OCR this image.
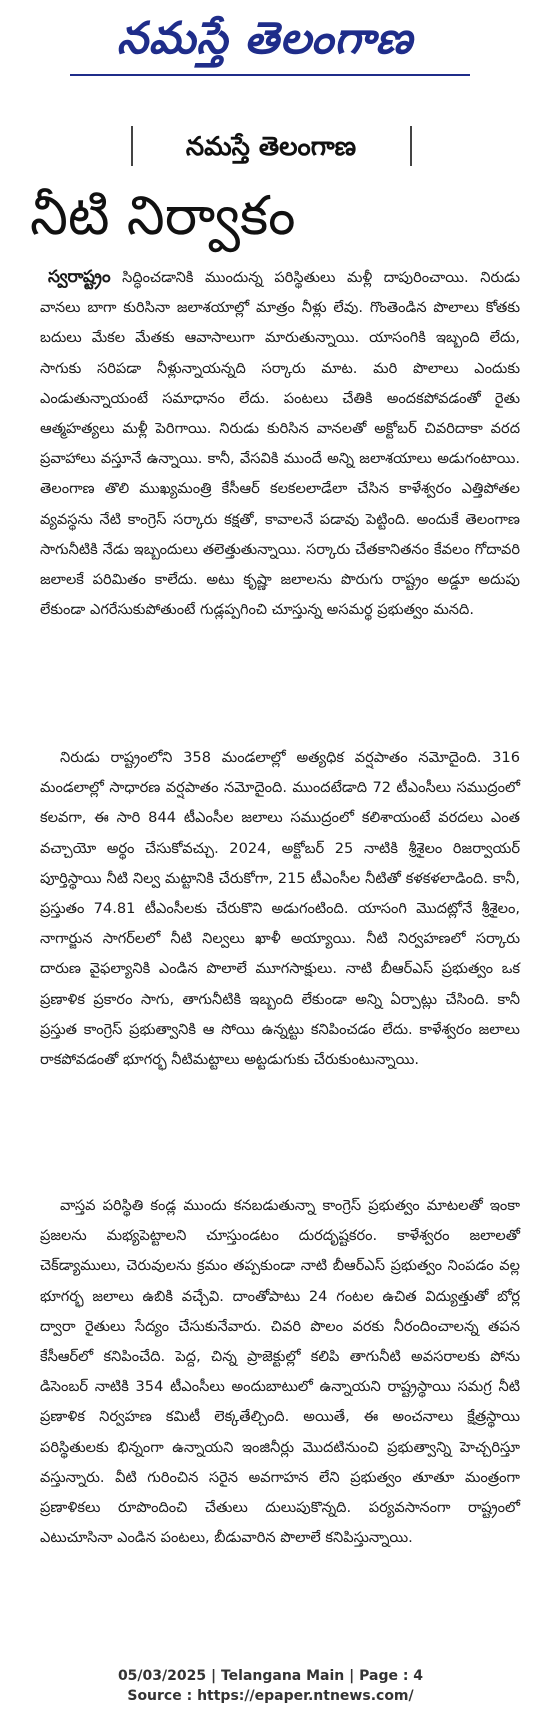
నమస్తే తెలంగాణ
నమస్తే తెలంగాణ
నీటి నిర్వాకం
స్వరాష్ట్రం సిద్ధించడానికి ముందున్న పరిస్థితులు మళ్లీ దాపురించాయి. నిరుడు వానలు బాగా కురిసినా జలాశయాల్లో మాత్రం నీళ్లు లేవు. గొంతెండిన పొలాలు కోతకు బదులు మేకల మేతకు ఆవాసాలుగా మారుతున్నాయి. యాసంగికి ఇబ్బంది లేదు, సాగుకు సరిపడా నీళ్లున్నాయన్నది సర్కారు మాట. మరి పొలాలు ఎందుకు ఎండుతున్నాయంటే సమాధానం లేదు. పంటలు చేతికి అందకపోవడంతో రైతు ఆత్మహత్యలు మళ్లీ పెరిగాయి. నిరుడు కురిసిన వానలతో అక్టోబర్ చివరిదాకా వరద ప్రవాహాలు వస్తూనే ఉన్నాయి. కానీ, వేసవికి ముందే అన్ని జలాశయాలు అడుగంటాయి. తెలంగాణ తొలి ముఖ్యమంత్రి కేసీఆర్ కలకలలాడేలా చేసిన కాళేశ్వరం ఎత్తిపోతల వ్యవస్థను నేటి కాంగ్రెస్ సర్కారు కక్షతో, కావాలనే పడావు పెట్టింది. అందుకే తెలంగాణ సాగునీటికి నేడు ఇబ్బందులు తలెత్తుతున్నాయి. సర్కారు చేతకానితనం కేవలం గోదావరి జలాలకే పరిమితం కాలేదు. అటు కృష్ణా జలాలను పొరుగు రాష్ట్రం అడ్డూ అదుపు లేకుండా ఎగరేసుకుపోతుంటే గుడ్లప్పగించి చూస్తున్న అసమర్థ ప్రభుత్వం మనది.
నిరుడు రాష్ట్రంలోని 358 మండలాల్లో అత్యధిక వర్షపాతం నమోదైంది. 316 మండలాల్లో సాధారణ వర్షపాతం నమోదైంది. ముందటేడాది 72 టీఎంసీలు సముద్రంలో కలవగా, ఈ సారి 844 టీఎంసీల జలాలు సముద్రంలో కలిశాయంటే వరదలు ఎంత వచ్చాయో అర్థం చేసుకోవచ్చు. 2024, అక్టోబర్ 25 నాటికి శ్రీశైలం రిజర్వాయర్ పూర్తిస్థాయి నీటి నిల్వ మట్టానికి చేరుకోగా, 215 టీఎంసీల నీటితో కళకళలాడింది. కానీ, ప్రస్తుతం 74.81 టీఎంసీలకు చేరుకొని అడుగంటింది. యాసంగి మొదట్లోనే శ్రీశైలం, నాగార్జున సాగర్‌లలో నీటి నిల్వలు ఖాళీ అయ్యాయి. నీటి నిర్వహణలో సర్కారు దారుణ వైఫల్యానికి ఎండిన పొలాలే మూగసాక్షులు. నాటి బీఆర్ఎస్ ప్రభుత్వం ఒక ప్రణాళిక ప్రకారం సాగు, తాగునీటికి ఇబ్బంది లేకుండా అన్ని ఏర్పాట్లు చేసింది. కానీ ప్రస్తుత కాంగ్రెస్ ప్రభుత్వానికి ఆ సోయి ఉన్నట్టు కనిపించడం లేదు. కాళేశ్వరం జలాలు రాకపోవడంతో భూగర్భ నీటిమట్టాలు అట్టడుగుకు చేరుకుంటున్నాయి.
వాస్తవ పరిస్థితి కండ్ల ముందు కనబడుతున్నా కాంగ్రెస్ ప్రభుత్వం మాటలతో ఇంకా ప్రజలను మభ్యపెట్టాలని చూస్తుండటం దురదృష్టకరం. కాళేశ్వరం జలాలతో చెక్‌డ్యాములు, చెరువులను క్రమం తప్పకుండా నాటి బీఆర్ఎస్ ప్రభుత్వం నింపడం వల్ల భూగర్భ జలాలు ఉబికి వచ్చేవి. దాంతోపాటు 24 గంటల ఉచిత విద్యుత్తుతో బోర్ల ద్వారా రైతులు సేద్యం చేసుకునేవారు. చివరి పొలం వరకు నీరందించాలన్న తపన కేసీఆర్‌లో కనిపించేది. పెద్ద, చిన్న ప్రాజెక్టుల్లో కలిపి తాగునీటి అవసరాలకు పోను డిసెంబర్ నాటికి 354 టీఎంసీలు అందుబాటులో ఉన్నాయని రాష్ట్రస్థాయి సమగ్ర నీటి ప్రణాళిక నిర్వహణ కమిటీ లెక్కతేల్చింది. అయితే, ఈ అంచనాలు క్షేత్రస్థాయి పరిస్థితులకు భిన్నంగా ఉన్నాయని ఇంజినీర్లు మొదటినుంచి ప్రభుత్వాన్ని హెచ్చరిస్తూ వస్తున్నారు. వీటి గురించిన సరైన అవగాహన లేని ప్రభుత్వం తూతూ మంత్రంగా ప్రణాళికలు రూపొందించి చేతులు దులుపుకొన్నది. పర్యవసానంగా రాష్ట్రంలో ఎటుచూసినా ఎండిన పంటలు, బీడువారిన పొలాలే కనిపిస్తున్నాయి.
05/03/2025 | Telangana Main | Page : 4
Source : https://epaper.ntnews.com/
